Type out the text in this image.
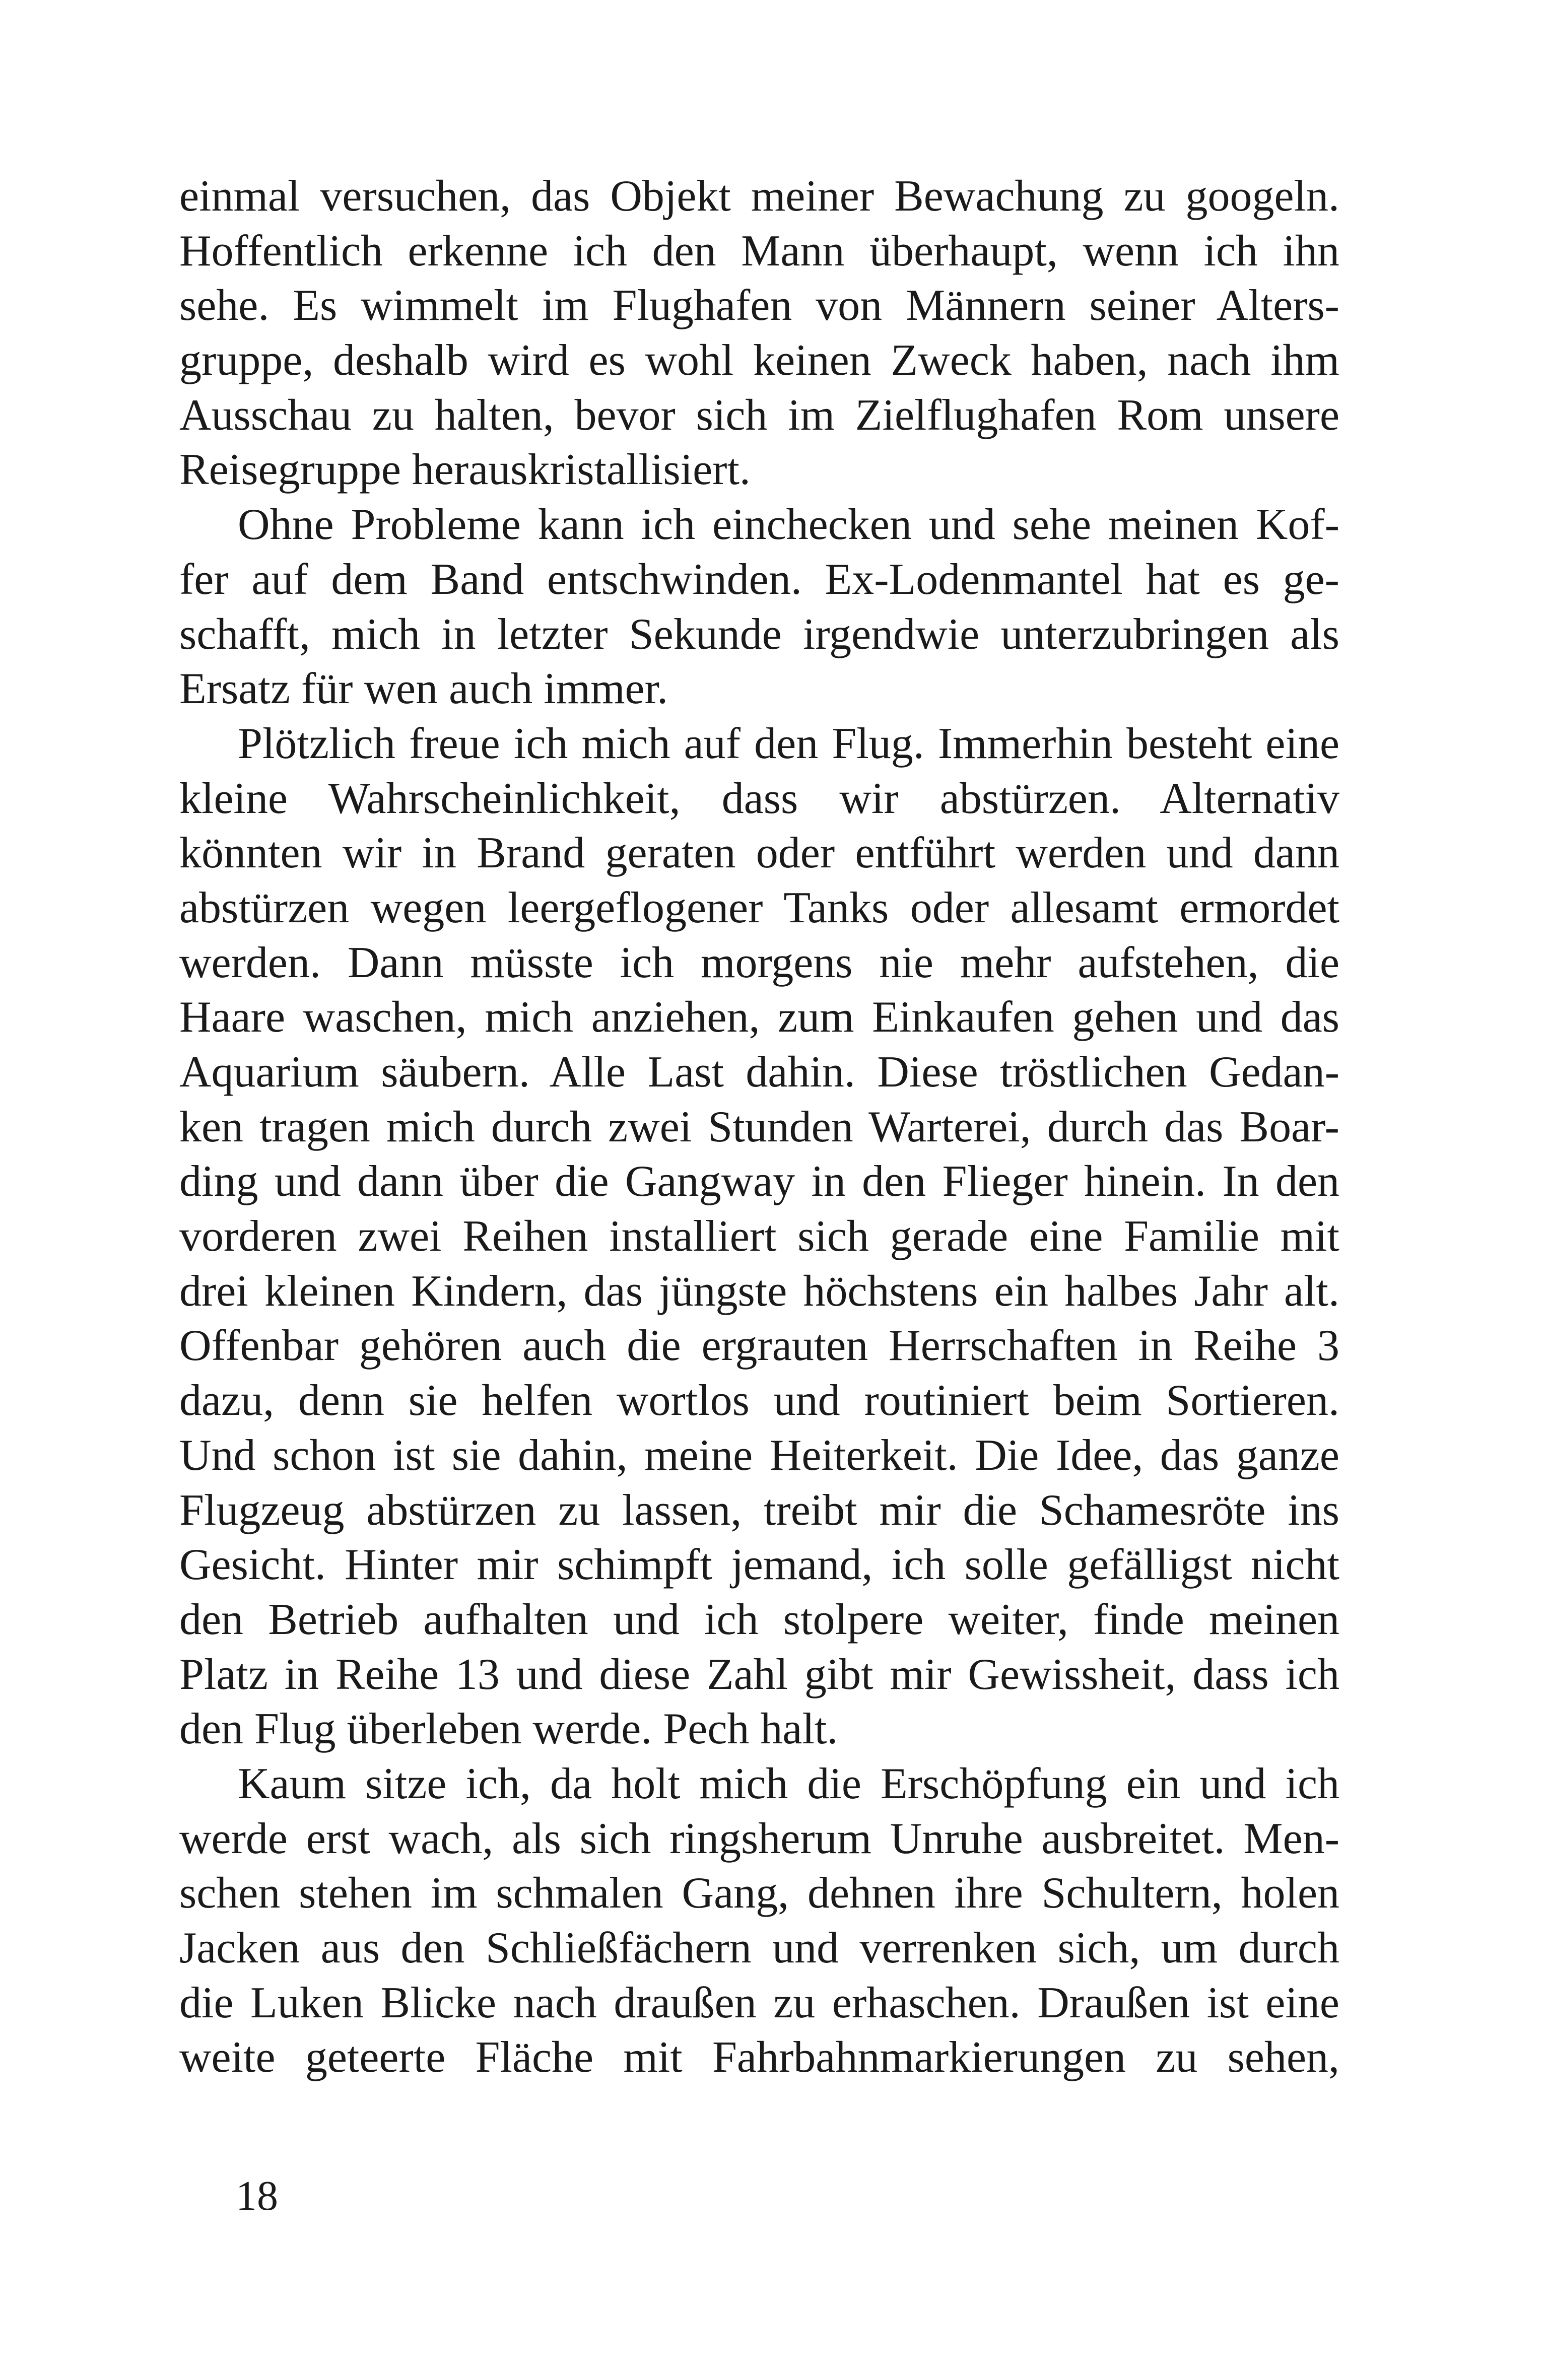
einmal versuchen, das Objekt meiner Bewachung zu googeln.
Hoffentlich erkenne ich den Mann überhaupt, wenn ich ihn
sehe. Es wimmelt im Flughafen von Männern seiner Alters-
gruppe, deshalb wird es wohl keinen Zweck haben, nach ihm
Ausschau zu halten, bevor sich im Zielflughafen Rom unsere
Reisegruppe herauskristallisiert.
Ohne Probleme kann ich einchecken und sehe meinen Kof-
fer auf dem Band entschwinden. Ex-Lodenmantel hat es ge-
schafft, mich in letzter Sekunde irgendwie unterzubringen als
Ersatz für wen auch immer.
Plötzlich freue ich mich auf den Flug. Immerhin besteht eine
kleine Wahrscheinlichkeit, dass wir abstürzen. Alternativ
könnten wir in Brand geraten oder entführt werden und dann
abstürzen wegen leergeflogener Tanks oder allesamt ermordet
werden. Dann müsste ich morgens nie mehr aufstehen, die
Haare waschen, mich anziehen, zum Einkaufen gehen und das
Aquarium säubern. Alle Last dahin. Diese tröstlichen Gedan-
ken tragen mich durch zwei Stunden Warterei, durch das Boar-
ding und dann über die Gangway in den Flieger hinein. In den
vorderen zwei Reihen installiert sich gerade eine Familie mit
drei kleinen Kindern, das jüngste höchstens ein halbes Jahr alt.
Offenbar gehören auch die ergrauten Herrschaften in Reihe 3
dazu, denn sie helfen wortlos und routiniert beim Sortieren.
Und schon ist sie dahin, meine Heiterkeit. Die Idee, das ganze
Flugzeug abstürzen zu lassen, treibt mir die Schamesröte ins
Gesicht. Hinter mir schimpft jemand, ich solle gefälligst nicht
den Betrieb aufhalten und ich stolpere weiter, finde meinen
Platz in Reihe 13 und diese Zahl gibt mir Gewissheit, dass ich
den Flug überleben werde. Pech halt.
Kaum sitze ich, da holt mich die Erschöpfung ein und ich
werde erst wach, als sich ringsherum Unruhe ausbreitet. Men-
schen stehen im schmalen Gang, dehnen ihre Schultern, holen
Jacken aus den Schließfächern und verrenken sich, um durch
die Luken Blicke nach draußen zu erhaschen. Draußen ist eine
weite geteerte Fläche mit Fahrbahnmarkierungen zu sehen,
18
